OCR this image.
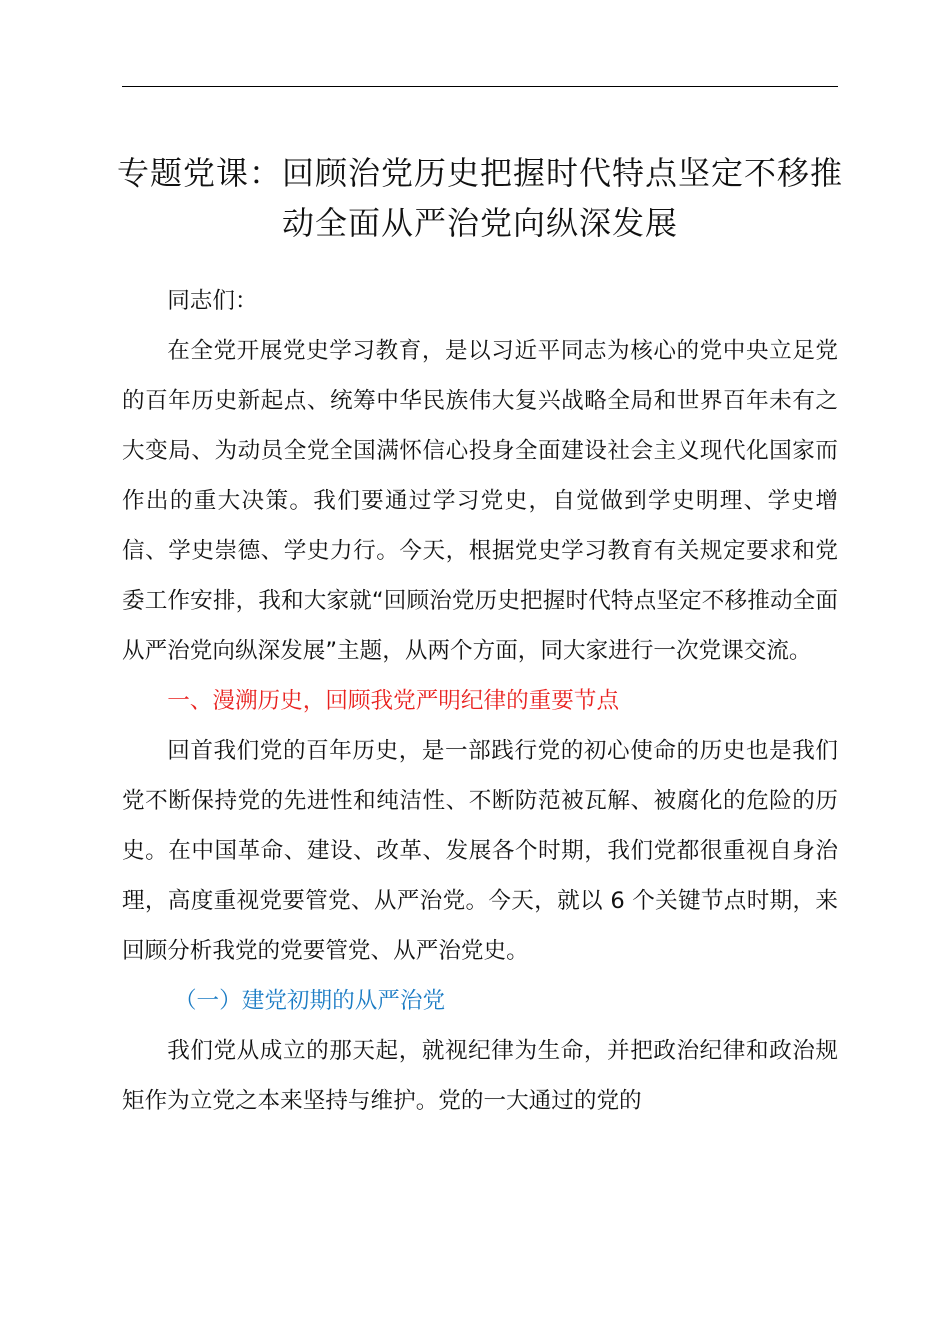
专题党课：回顾治党历史把握时代特点坚定不移推动全面从严治党向纵深发展

同志们：

在全党开展党史学习教育，是以习近平同志为核心的党中央立足党的百年历史新起点、统筹中华民族伟大复兴战略全局和世界百年未有之大变局、为动员全党全国满怀信心投身全面建设社会主义现代化国家而作出的重大决策。我们要通过学习党史，自觉做到学史明理、学史增信、学史崇德、学史力行。今天，根据党史学习教育有关规定要求和党委工作安排，我和大家就“回顾治党历史把握时代特点坚定不移推动全面从严治党向纵深发展”主题，从两个方面，同大家进行一次党课交流。

一、漫溯历史，回顾我党严明纪律的重要节点

回首我们党的百年历史，是一部践行党的初心使命的历史也是我们党不断保持党的先进性和纯洁性、不断防范被瓦解、被腐化的危险的历史。在中国革命、建设、改革、发展各个时期，我们党都很重视自身治理，高度重视党要管党、从严治党。今天，就以 6 个关键节点时期，来回顾分析我党的党要管党、从严治党史。

（一）建党初期的从严治党

我们党从成立的那天起，就视纪律为生命，并把政治纪律和政治规矩作为立党之本来坚持与维护。党的一大通过的党的
